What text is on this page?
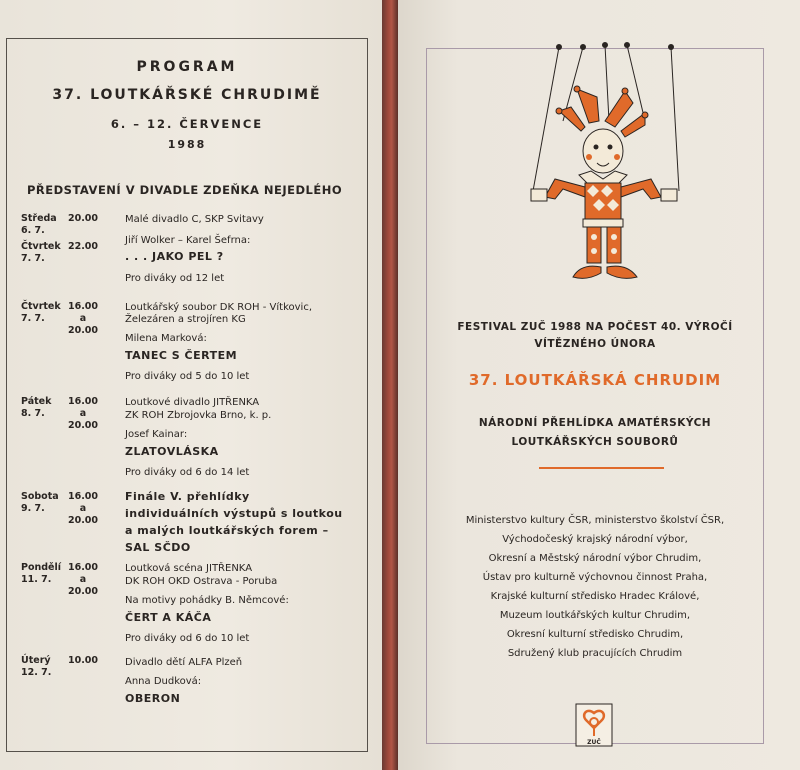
PROGRAM
37. LOUTKÁŘSKÉ CHRUDIMĚ
6. – 12. ČERVENCE
1988
PŘEDSTAVENÍ V DIVADLE ZDEŇKA NEJEDLÉHO
Středa
6. 7.
20.00
Čtvrtek
7. 7.
22.00
Malé divadlo C, SKP Svitavy
Jiří Wolker – Karel Šefrna:
. . . JAKO PEL ?
Pro diváky od 12 let
Čtvrtek
7. 7.
16.00
a
20.00
Loutkářský soubor DK ROH - Vítkovic,
Železáren a strojíren KG
Milena Marková:
TANEC S ČERTEM
Pro diváky od 5 do 10 let
Pátek
8. 7.
16.00
a
20.00
Loutkové divadlo JITŘENKA
ZK ROH Zbrojovka Brno, k. p.
Josef Kainar:
ZLATOVLÁSKA
Pro diváky od 6 do 14 let
Sobota
9. 7.
16.00
a
20.00
Finále V. přehlídky
individuálních výstupů s loutkou
a malých loutkářských forem –
SAL SČDO
Pondělí
11. 7.
16.00
a
20.00
Loutková scéna JITŘENKA
DK ROH OKD Ostrava - Poruba
Na motivy pohádky B. Němcové:
ČERT A KÁČA
Pro diváky od 6 do 10 let
Úterý
12. 7.
10.00	Divadlo dětí ALFA Plzeň
Anna Dudková:
OBERON
FESTIVAL ZUČ 1988 NA POČEST 40. VÝROČÍ
VÍTĚZNÉHO ÚNORA
37. LOUTKÁŘSKÁ CHRUDIM
NÁRODNÍ PŘEHLÍDKA AMATÉRSKÝCH
LOUTKÁŘSKÝCH SOUBORŮ
Ministerstvo kultury ČSR, ministerstvo školství ČSR,
Východočeský krajský národní výbor,
Okresní a Městský národní výbor Chrudim,
Ústav pro kulturně výchovnou činnost Praha,
Krajské kulturní středisko Hradec Králové,
Muzeum loutkářských kultur Chrudim,
Okresní kulturní středisko Chrudim,
Sdružený klub pracujících Chrudim
ZUČ
